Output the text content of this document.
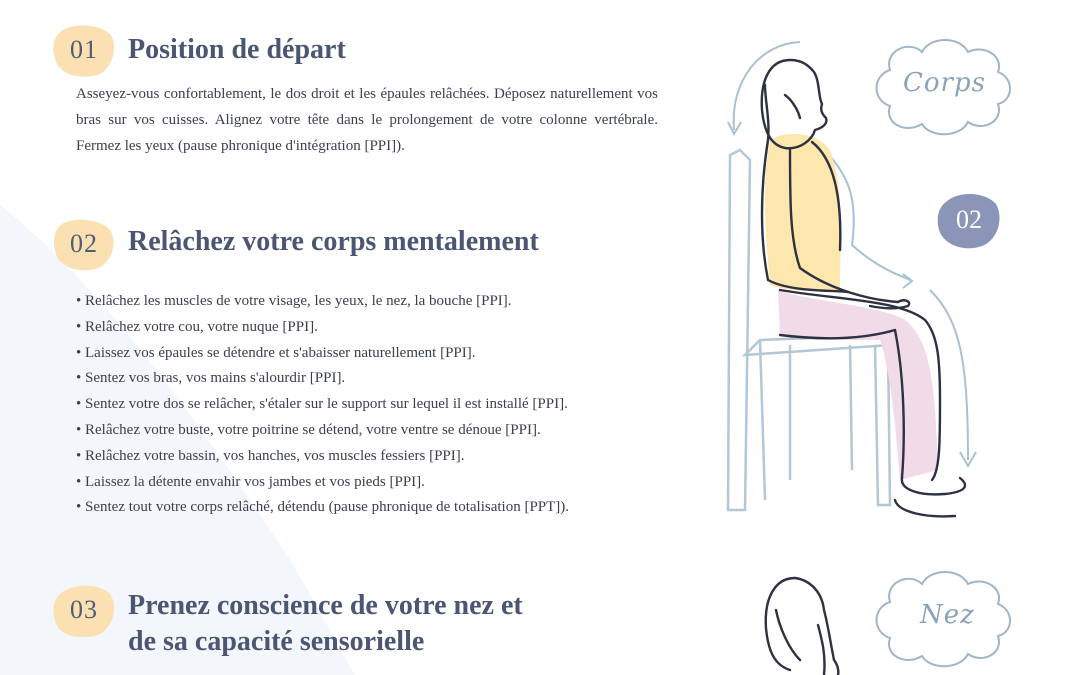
01 Position de départ

Asseyez-vous confortablement, le dos droit et les épaules relâchées. Déposez naturellement vos bras sur vos cuisses. Alignez votre tête dans le prolongement de votre colonne vertébrale. Fermez les yeux (pause phronique d'intégration [PPI]).

02 Relâchez votre corps mentalement
• Relâchez les muscles de votre visage, les yeux, le nez, la bouche [PPI].
• Relâchez votre cou, votre nuque [PPI].
• Laissez vos épaules se détendre et s'abaisser naturellement [PPI].
• Sentez vos bras, vos mains s'alourdir [PPI].
• Sentez votre dos se relâcher, s'étaler sur le support sur lequel il est installé [PPI].
• Relâchez votre buste, votre poitrine se détend, votre ventre se dénoue [PPI].
• Relâchez votre bassin, vos hanches, vos muscles fessiers [PPI].
• Laissez la détente envahir vos jambes et vos pieds [PPI].
• Sentez tout votre corps relâché, détendu (pause phronique de totalisation [PPT]).
03 Prenez conscience de votre nez et
de sa capacité sensorielle
Corps
Nez
02
